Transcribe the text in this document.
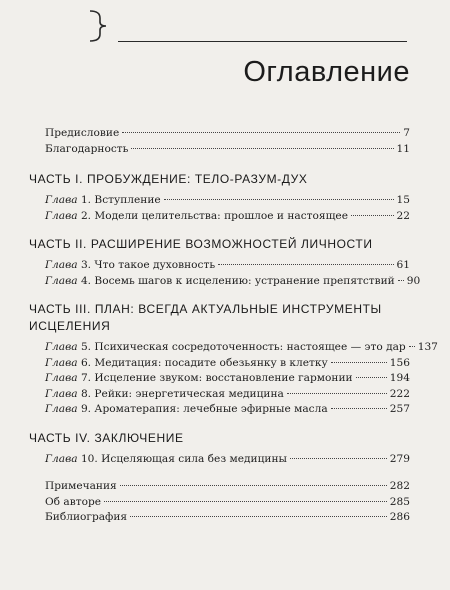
Оглавление
Предисловие	7
Благодарность	11
ЧАСТЬ I. ПРОБУЖДЕНИЕ: ТЕЛО-РАЗУМ-ДУХ
Глава 1. Вступление	15
Глава 2. Модели целительства: прошлое и настоящее	22
ЧАСТЬ II. РАСШИРЕНИЕ ВОЗМОЖНОСТЕЙ ЛИЧНОСТИ
Глава 3. Что такое духовность	61
Глава 4. Восемь шагов к исцелению: устранение препятствий 90
ЧАСТЬ III. ПЛАН: ВСЕГДА АКТУАЛЬНЫЕ ИНСТРУМЕНТЫ
ИСЦЕЛЕНИЯ
Глава 5. Психическая сосредоточенность: настоящее — это дар 137
Глава 6. Медитация: посадите обезьянку в клетку	156
Глава 7. Исцеление звуком: восстановление гармонии	194
Глава 8. Рейки: энергетическая медицина	222
Глава 9. Ароматерапия: лечебные эфирные масла	257
ЧАСТЬ IV. ЗАКЛЮЧЕНИЕ
Глава 10. Исцеляющая сила без медицины	279
Примечания	282
Об авторе	285
Библиография	286
